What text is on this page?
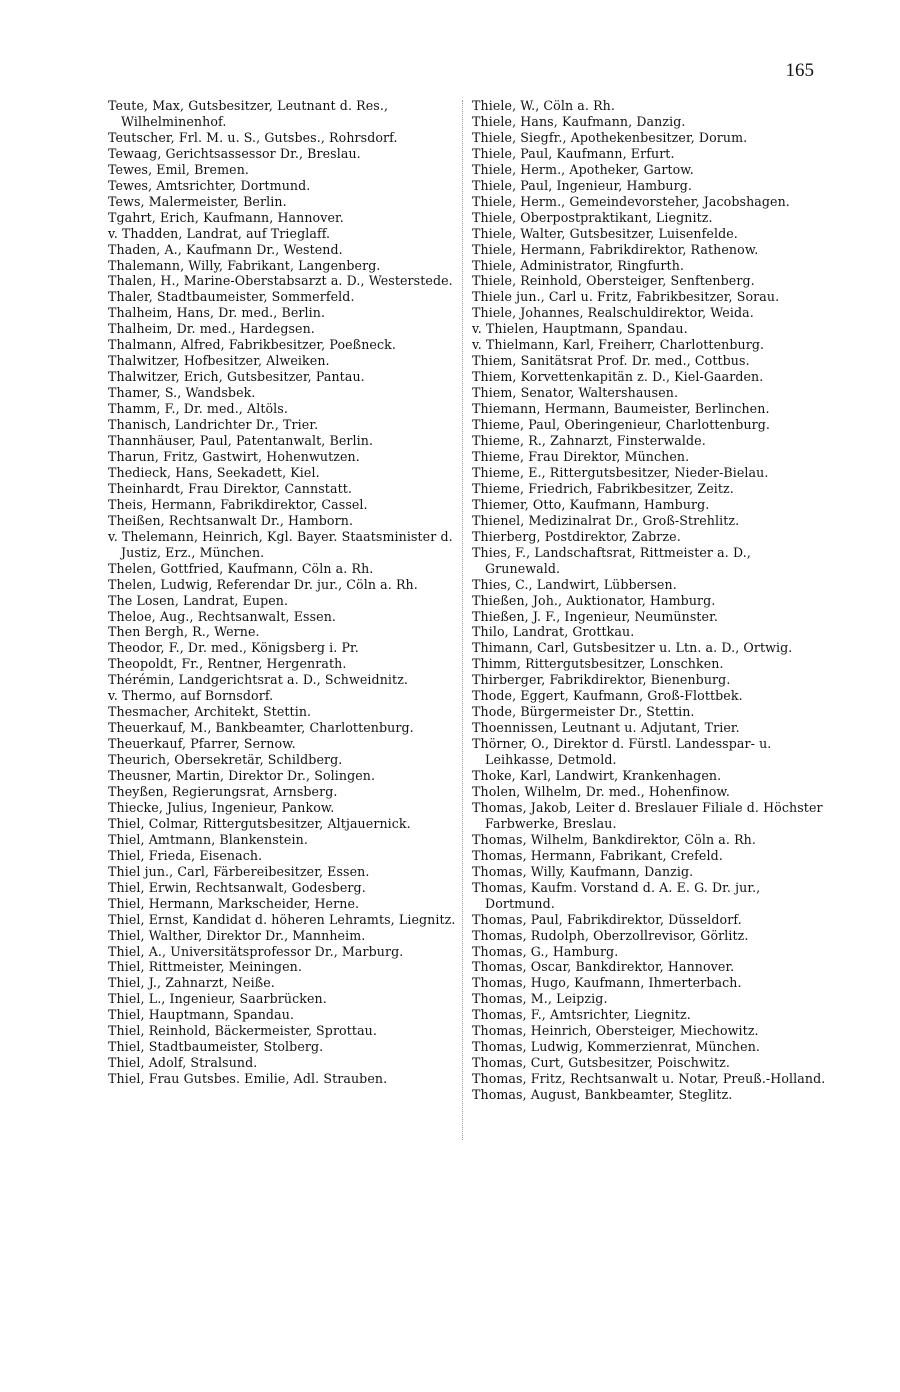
165
Teute, Max, Gutsbesitzer, Leutnant d. Res., Wilhelminenhof.
Teutscher, Frl. M. u. S., Gutsbes., Rohrsdorf.
Tewaag, Gerichtsassessor Dr., Breslau.
Tewes, Emil, Bremen.
Tewes, Amtsrichter, Dortmund.
Tews, Malermeister, Berlin.
Tgahrt, Erich, Kaufmann, Hannover.
v. Thadden, Landrat, auf Trieglaff.
Thaden, A., Kaufmann Dr., Westend.
Thalemann, Willy, Fabrikant, Langenberg.
Thalen, H., Marine-Oberstabsarzt a. D., Westerstede.
Thaler, Stadtbaumeister, Sommerfeld.
Thalheim, Hans, Dr. med., Berlin.
Thalheim, Dr. med., Hardegsen.
Thalmann, Alfred, Fabrikbesitzer, Poeßneck.
Thalwitzer, Hofbesitzer, Alweiken.
Thalwitzer, Erich, Gutsbesitzer, Pantau.
Thamer, S., Wandsbek.
Thamm, F., Dr. med., Altöls.
Thanisch, Landrichter Dr., Trier.
Thannhäuser, Paul, Patentanwalt, Berlin.
Tharun, Fritz, Gastwirt, Hohenwutzen.
Thedieck, Hans, Seekadett, Kiel.
Theinhardt, Frau Direktor, Cannstatt.
Theis, Hermann, Fabrikdirektor, Cassel.
Theißen, Rechtsanwalt Dr., Hamborn.
v. Thelemann, Heinrich, Kgl. Bayer. Staatsminister d. Justiz, Erz., München.
Thelen, Gottfried, Kaufmann, Cöln a. Rh.
Thelen, Ludwig, Referendar Dr. jur., Cöln a. Rh.
The Losen, Landrat, Eupen.
Theloe, Aug., Rechtsanwalt, Essen.
Then Bergh, R., Werne.
Theodor, F., Dr. med., Königsberg i. Pr.
Theopoldt, Fr., Rentner, Hergenrath.
Thérémin, Landgerichtsrat a. D., Schweidnitz.
v. Thermo, auf Bornsdorf.
Thesmacher, Architekt, Stettin.
Theuerkauf, M., Bankbeamter, Charlottenburg.
Theuerkauf, Pfarrer, Sernow.
Theurich, Obersekretär, Schildberg.
Theusner, Martin, Direktor Dr., Solingen.
Theyßen, Regierungsrat, Arnsberg.
Thiecke, Julius, Ingenieur, Pankow.
Thiel, Colmar, Rittergutsbesitzer, Altjauernick.
Thiel, Amtmann, Blankenstein.
Thiel, Frieda, Eisenach.
Thiel jun., Carl, Färbereibesitzer, Essen.
Thiel, Erwin, Rechtsanwalt, Godesberg.
Thiel, Hermann, Markscheider, Herne.
Thiel, Ernst, Kandidat d. höheren Lehramts, Liegnitz.
Thiel, Walther, Direktor Dr., Mannheim.
Thiel, A., Universitätsprofessor Dr., Marburg.
Thiel, Rittmeister, Meiningen.
Thiel, J., Zahnarzt, Neiße.
Thiel, L., Ingenieur, Saarbrücken.
Thiel, Hauptmann, Spandau.
Thiel, Reinhold, Bäckermeister, Sprottau.
Thiel, Stadtbaumeister, Stolberg.
Thiel, Adolf, Stralsund.
Thiel, Frau Gutsbes. Emilie, Adl. Strauben.
Thiele, W., Cöln a. Rh.
Thiele, Hans, Kaufmann, Danzig.
Thiele, Siegfr., Apothekenbesitzer, Dorum.
Thiele, Paul, Kaufmann, Erfurt.
Thiele, Herm., Apotheker, Gartow.
Thiele, Paul, Ingenieur, Hamburg.
Thiele, Herm., Gemeindevorsteher, Jacobshagen.
Thiele, Oberpostpraktikant, Liegnitz.
Thiele, Walter, Gutsbesitzer, Luisenfelde.
Thiele, Hermann, Fabrikdirektor, Rathenow.
Thiele, Administrator, Ringfurth.
Thiele, Reinhold, Obersteiger, Senftenberg.
Thiele jun., Carl u. Fritz, Fabrikbesitzer, Sorau.
Thiele, Johannes, Realschuldirektor, Weida.
v. Thielen, Hauptmann, Spandau.
v. Thielmann, Karl, Freiherr, Charlottenburg.
Thiem, Sanitätsrat Prof. Dr. med., Cottbus.
Thiem, Korvettenkapitän z. D., Kiel-Gaarden.
Thiem, Senator, Waltershausen.
Thiemann, Hermann, Baumeister, Berlinchen.
Thieme, Paul, Oberingenieur, Charlottenburg.
Thieme, R., Zahnarzt, Finsterwalde.
Thieme, Frau Direktor, München.
Thieme, E., Rittergutsbesitzer, Nieder-Bielau.
Thieme, Friedrich, Fabrikbesitzer, Zeitz.
Thiemer, Otto, Kaufmann, Hamburg.
Thienel, Medizinalrat Dr., Groß-Strehlitz.
Thierberg, Postdirektor, Zabrze.
Thies, F., Landschaftsrat, Rittmeister a. D., Grunewald.
Thies, C., Landwirt, Lübbersen.
Thießen, Joh., Auktionator, Hamburg.
Thießen, J. F., Ingenieur, Neumünster.
Thilo, Landrat, Grottkau.
Thimann, Carl, Gutsbesitzer u. Ltn. a. D., Ortwig.
Thimm, Rittergutsbesitzer, Lonschken.
Thirberger, Fabrikdirektor, Bienenburg.
Thode, Eggert, Kaufmann, Groß-Flottbek.
Thode, Bürgermeister Dr., Stettin.
Thoennissen, Leutnant u. Adjutant, Trier.
Thörner, O., Direktor d. Fürstl. Landesspar- u. Leihkasse, Detmold.
Thoke, Karl, Landwirt, Krankenhagen.
Tholen, Wilhelm, Dr. med., Hohenfinow.
Thomas, Jakob, Leiter d. Breslauer Filiale d. Höchster Farbwerke, Breslau.
Thomas, Wilhelm, Bankdirektor, Cöln a. Rh.
Thomas, Hermann, Fabrikant, Crefeld.
Thomas, Willy, Kaufmann, Danzig.
Thomas, Kaufm. Vorstand d. A. E. G. Dr. jur., Dortmund.
Thomas, Paul, Fabrikdirektor, Düsseldorf.
Thomas, Rudolph, Oberzollrevisor, Görlitz.
Thomas, G., Hamburg.
Thomas, Oscar, Bankdirektor, Hannover.
Thomas, Hugo, Kaufmann, Ihmerterbach.
Thomas, M., Leipzig.
Thomas, F., Amtsrichter, Liegnitz.
Thomas, Heinrich, Obersteiger, Miechowitz.
Thomas, Ludwig, Kommerzienrat, München.
Thomas, Curt, Gutsbesitzer, Poischwitz.
Thomas, Fritz, Rechtsanwalt u. Notar, Preuß.-Holland.
Thomas, August, Bankbeamter, Steglitz.
